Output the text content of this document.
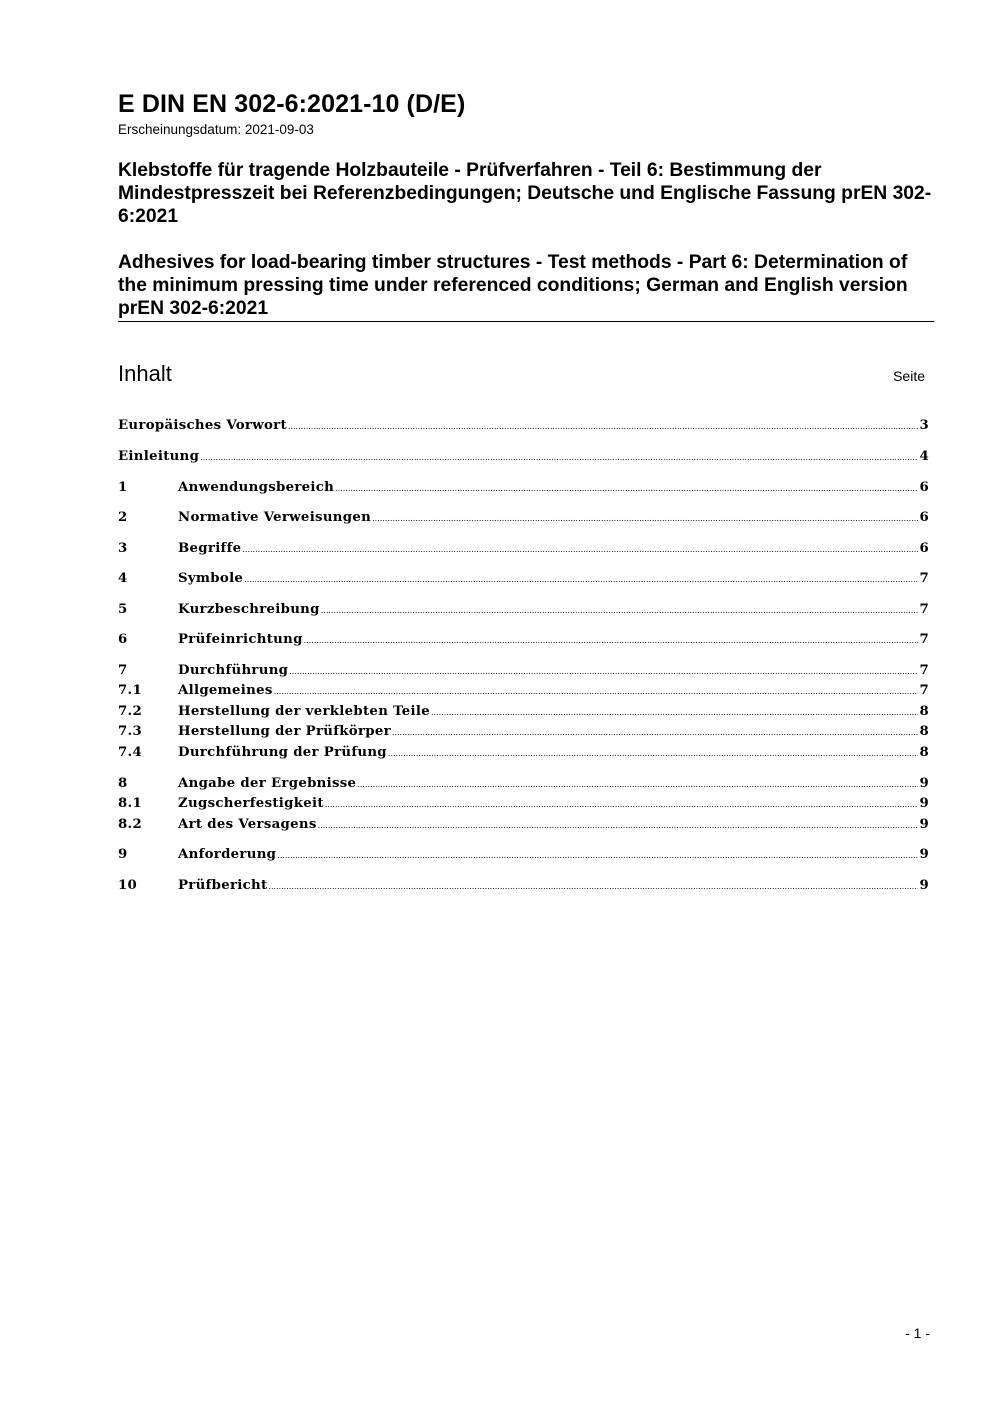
E DIN EN 302-6:2021-10 (D/E)
Erscheinungsdatum: 2021-09-03
Klebstoffe für tragende Holzbauteile - Prüfverfahren - Teil 6: Bestimmung der Mindestpresszeit bei Referenzbedingungen; Deutsche und Englische Fassung prEN 302-6:2021
Adhesives for load-bearing timber structures - Test methods - Part 6: Determination of the minimum pressing time under referenced conditions; German and English version prEN 302-6:2021
Inhalt	Seite
Europäisches Vorwort .....	3
Einleitung .....	4
1	Anwendungsbereich .....	6
2	Normative Verweisungen .....	6
3	Begriffe .....	6
4	Symbole .....	7
5	Kurzbeschreibung .....	7
6	Prüfeinrichtung .....	7
7	Durchführung .....	7
7.1	Allgemeines .....	7
7.2	Herstellung der verklebten Teile .....	8
7.3	Herstellung der Prüfkörper .....	8
7.4	Durchführung der Prüfung .....	8
8	Angabe der Ergebnisse .....	9
8.1	Zugscherfestigkeit .....	9
8.2	Art des Versagens .....	9
9	Anforderung .....	9
10	Prüfbericht .....	9
- 1 -
